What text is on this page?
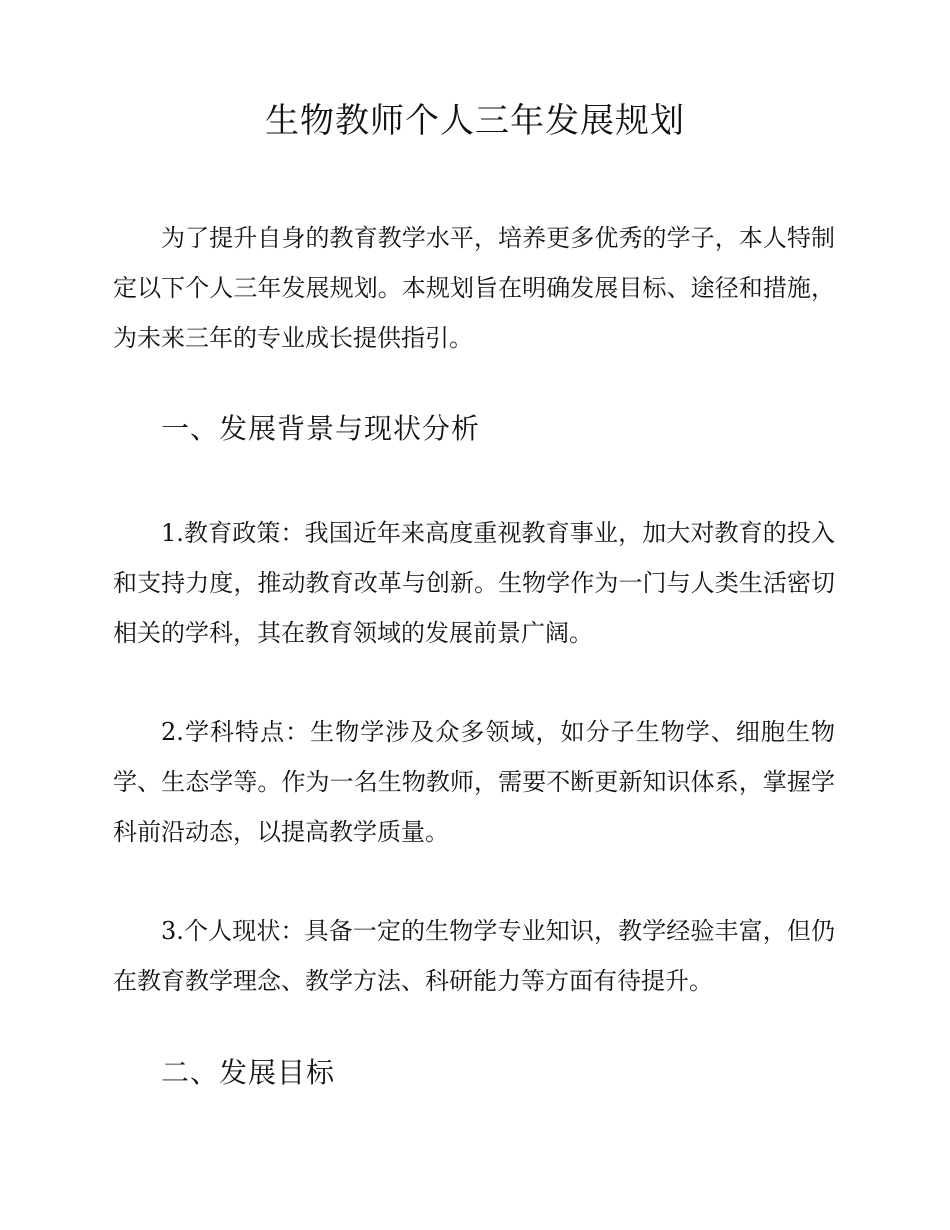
生物教师个人三年发展规划

为了提升自身的教育教学水平，培养更多优秀的学子，本人特制定以下个人三年发展规划。本规划旨在明确发展目标、途径和措施，为未来三年的专业成长提供指引。

一、发展背景与现状分析

1.教育政策：我国近年来高度重视教育事业，加大对教育的投入和支持力度，推动教育改革与创新。生物学作为一门与人类生活密切相关的学科，其在教育领域的发展前景广阔。

2.学科特点：生物学涉及众多领域，如分子生物学、细胞生物学、生态学等。作为一名生物教师，需要不断更新知识体系，掌握学科前沿动态，以提高教学质量。

3.个人现状：具备一定的生物学专业知识，教学经验丰富，但仍在教育教学理念、教学方法、科研能力等方面有待提升。

二、发展目标
